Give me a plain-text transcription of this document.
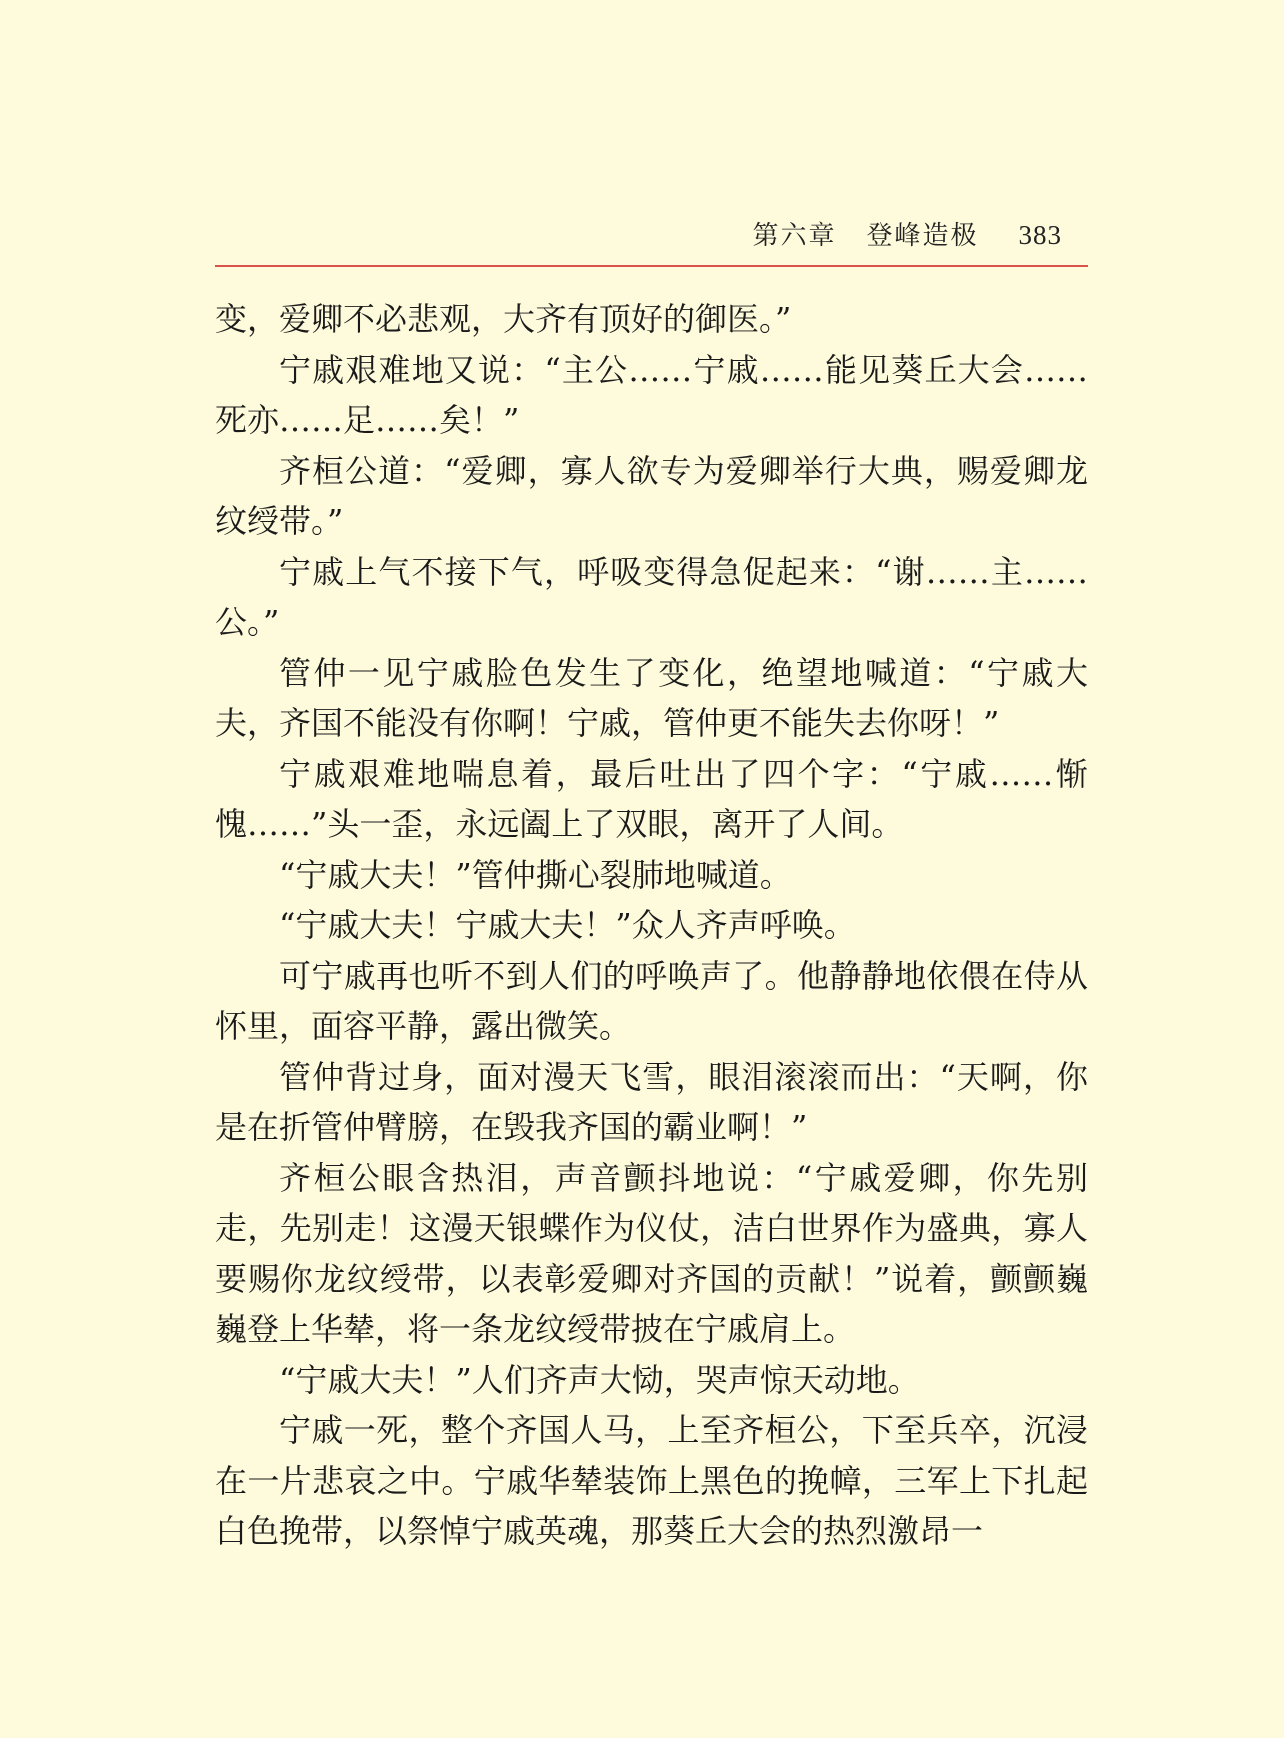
第六章 登峰造极 383

变，爱卿不必悲观，大齐有顶好的御医。”

宁戚艰难地又说：“主公……宁戚……能见葵丘大会……死亦……足……矣！”

齐桓公道：“爱卿，寡人欲专为爱卿举行大典，赐爱卿龙纹绶带。”

宁戚上气不接下气，呼吸变得急促起来：“谢……主……公。”

管仲一见宁戚脸色发生了变化，绝望地喊道：“宁戚大夫，齐国不能没有你啊！宁戚，管仲更不能失去你呀！”

宁戚艰难地喘息着，最后吐出了四个字：“宁戚……惭愧……”头一歪，永远阖上了双眼，离开了人间。

“宁戚大夫！”管仲撕心裂肺地喊道。

“宁戚大夫！宁戚大夫！”众人齐声呼唤。

可宁戚再也听不到人们的呼唤声了。他静静地依偎在侍从怀里，面容平静，露出微笑。

管仲背过身，面对漫天飞雪，眼泪滚滚而出：“天啊，你是在折管仲臂膀，在毁我齐国的霸业啊！”

齐桓公眼含热泪，声音颤抖地说：“宁戚爱卿，你先别走，先别走！这漫天银蝶作为仪仗，洁白世界作为盛典，寡人要赐你龙纹绶带，以表彰爱卿对齐国的贡献！”说着，颤颤巍巍登上华辇，将一条龙纹绶带披在宁戚肩上。

“宁戚大夫！”人们齐声大恸，哭声惊天动地。

宁戚一死，整个齐国人马，上至齐桓公，下至兵卒，沉浸在一片悲哀之中。宁戚华辇装饰上黑色的挽幛，三军上下扎起白色挽带，以祭悼宁戚英魂，那葵丘大会的热烈激昂一
